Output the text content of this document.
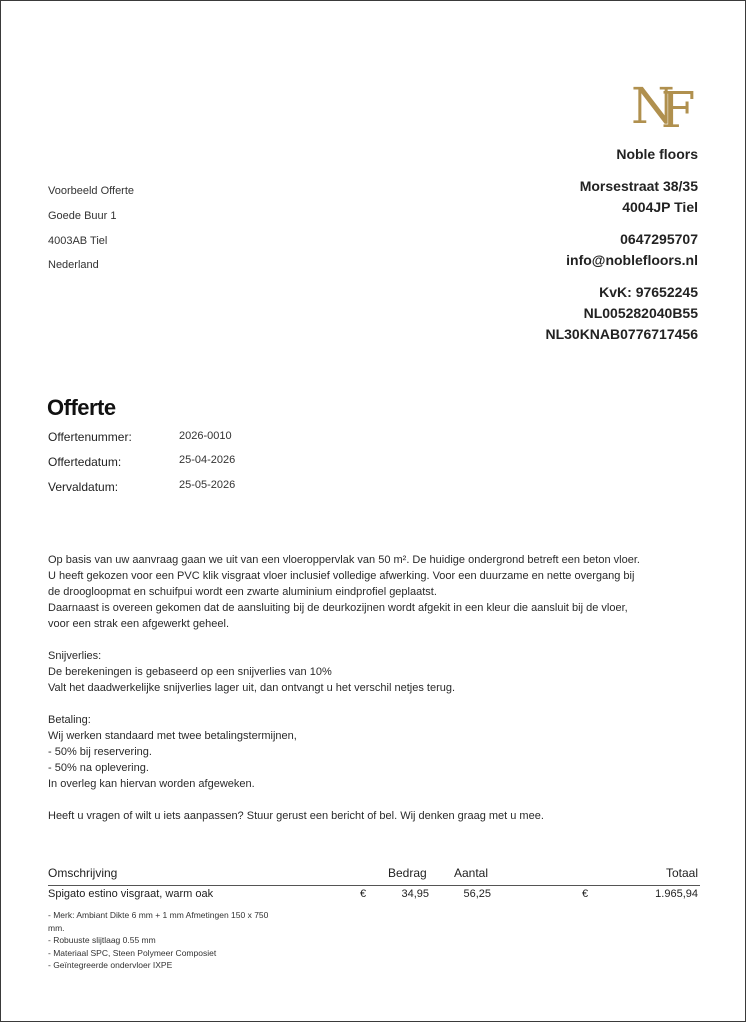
NF
Noble floors
Morsestraat 38/35
4004JP Tiel
0647295707
info@noblefloors.nl
KvK: 97652245
NL005282040B55
NL30KNAB0776717456
Voorbeeld Offerte
Goede Buur 1
4003AB Tiel
Nederland
Offerte
Offertenummer:	2026-0010
Offertedatum:	25-04-2026
Vervaldatum:	25-05-2026

Op basis van uw aanvraag gaan we uit van een vloeroppervlak van 50 m². De huidige ondergrond betreft een beton vloer.

U heeft gekozen voor een PVC klik visgraat vloer inclusief volledige afwerking. Voor een duurzame en nette overgang bij

de droogloopmat en schuifpui wordt een zwarte aluminium eindprofiel geplaatst.

Daarnaast is overeen gekomen dat de aansluiting bij de deurkozijnen wordt afgekit in een kleur die aansluit bij de vloer,

voor een strak een afgewerkt geheel.

Snijverlies:

De berekeningen is gebaseerd op een snijverlies van 10%

Valt het daadwerkelijke snijverlies lager uit, dan ontvangt u het verschil netjes terug.

Betaling:

Wij werken standaard met twee betalingstermijnen,

- 50% bij reservering.

- 50% na oplevering.

In overleg kan hiervan worden afgeweken.

Heeft u vragen of wilt u iets aanpassen? Stuur gerust een bericht of bel. Wij denken graag met u mee.

Omschrijving	Bedrag Aantal	Totaal
Spigato estino visgraat, warm oak	€	34,95	56,25	€	1.965,94
- Merk: Ambiant Dikte 6 mm + 1 mm Afmetingen 150 x 750
mm.
- Robuuste slijtlaag 0.55 mm
- Materiaal SPC, Steen Polymeer Composiet
- Geïntegreerde ondervloer IXPE
